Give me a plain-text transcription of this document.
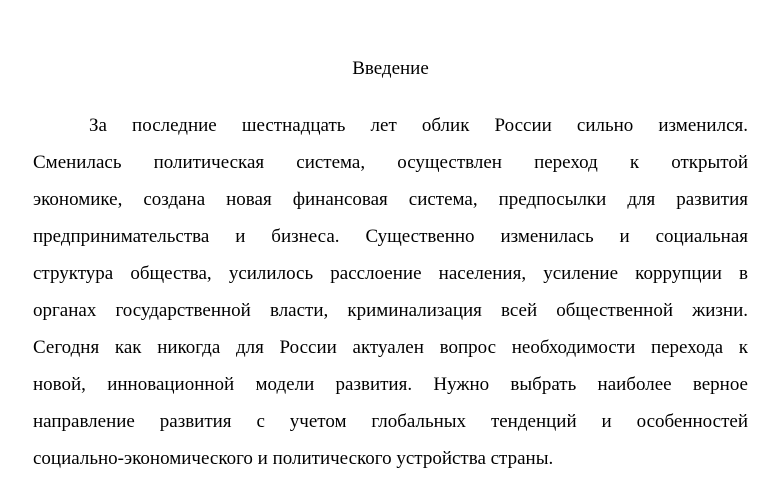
Введение
За последние шестнадцать лет облик России сильно изменился.
Сменилась политическая система, осуществлен переход к открытой
экономике, создана новая финансовая система, предпосылки для развития
предпринимательства и бизнеса. Существенно изменилась и социальная
структура общества, усилилось расслоение населения, усиление коррупции в
органах государственной власти, криминализация всей общественной жизни.
Сегодня как никогда для России актуален вопрос необходимости перехода к
новой, инновационной модели развития. Нужно выбрать наиболее верное
направление развития с учетом глобальных тенденций и особенностей
социально-экономического и политического устройства страны.
